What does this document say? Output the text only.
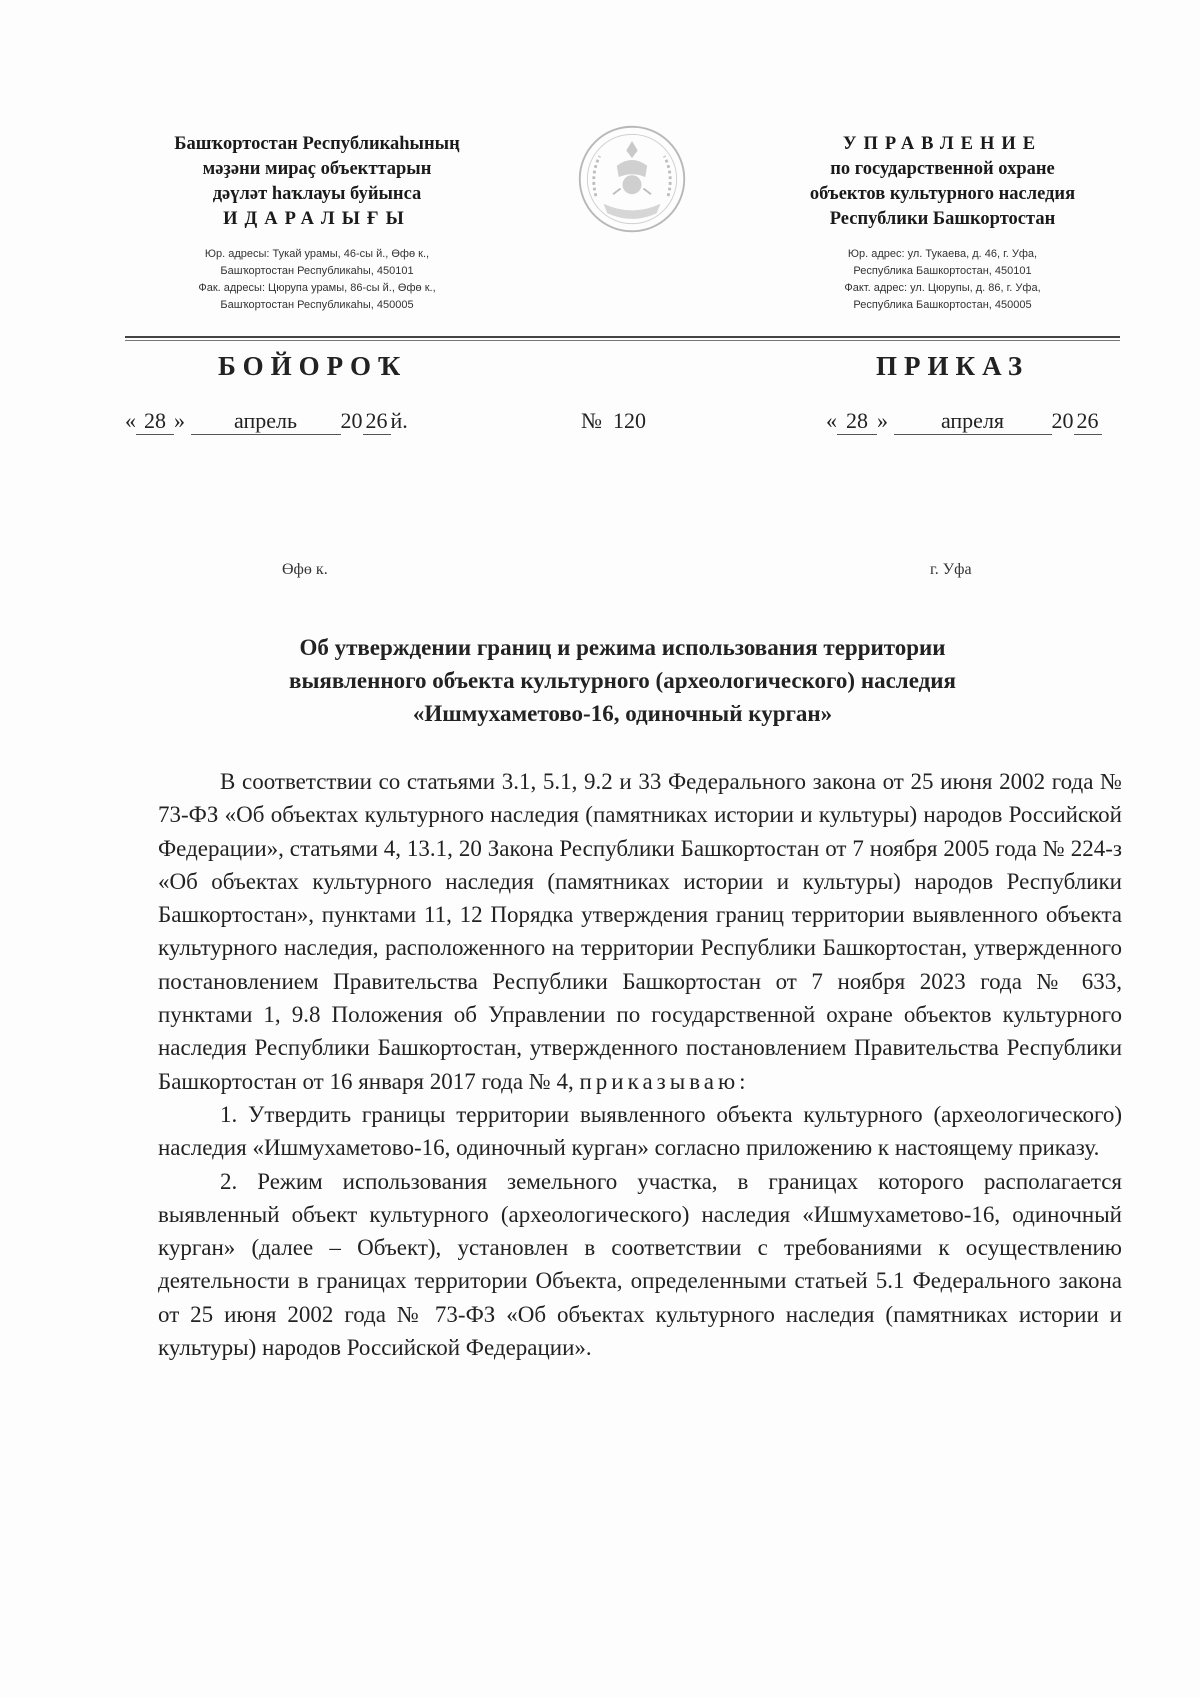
Башҡортостан Республикаһының
мәҙәни мираҫ объекттарын
дәүләт һаҡлауы буйынса
ИДАРАЛЫҒЫ
Юр. адресы: Тукай урамы, 46-сы й., Өфө к.,
Башҡортостан Республикаһы, 450101
Фак. адресы: Цюрупа урамы, 86-сы й., Өфө к.,
Башҡортостан Республикаһы, 450005
УПРАВЛЕНИЕ
по государственной охране
объектов культурного наследия
Республики Башкортостан
Юр. адрес: ул. Тукаева, д. 46, г. Уфа,
Республика Башкортостан, 450101
Факт. адрес: ул. Цюрупы, д. 86, г. Уфа,
Республика Башкортостан, 450005
БОЙОРОҠ	ПРИКАЗ
« 28 » апрель 20 26 й.	№ 120	« 28 » апреля 20 26
Өфө к.	г. Уфа
Об утверждении границ и режима использования территории
выявленного объекта культурного (археологического) наследия
«Ишмухаметово-16, одиночный курган»

В соответствии со статьями 3.1, 5.1, 9.2 и 33 Федерального закона от 25 июня 2002 года № 73-ФЗ «Об объектах культурного наследия (памятниках истории и культуры) народов Российской Федерации», статьями 4, 13.1, 20 Закона Республики Башкортостан от 7 ноября 2005 года № 224-з «Об объектах культурного наследия (памятниках истории и культуры) народов Республики Башкортостан», пунктами 11, 12 Порядка утверждения границ территории выявленного объекта культурного наследия, расположенного на территории Республики Башкортостан, утвержденного постановлением Правительства Республики Башкортостан от 7 ноября 2023 года № 633, пунктами 1, 9.8 Положения об Управлении по государственной охране объектов культурного наследия Республики Башкортостан, утвержденного постановлением Правительства Республики Башкортостан от 16 января 2017 года № 4, приказываю:

1. Утвердить границы территории выявленного объекта культурного (археологического) наследия «Ишмухаметово-16, одиночный курган» согласно приложению к настоящему приказу.

2. Режим использования земельного участка, в границах которого располагается выявленный объект культурного (археологического) наследия «Ишмухаметово-16, одиночный курган» (далее – Объект), установлен в соответствии с требованиями к осуществлению деятельности в границах территории Объекта, определенными статьей 5.1 Федерального закона от 25 июня 2002 года № 73-ФЗ «Об объектах культурного наследия (памятниках истории и культуры) народов Российской Федерации».
